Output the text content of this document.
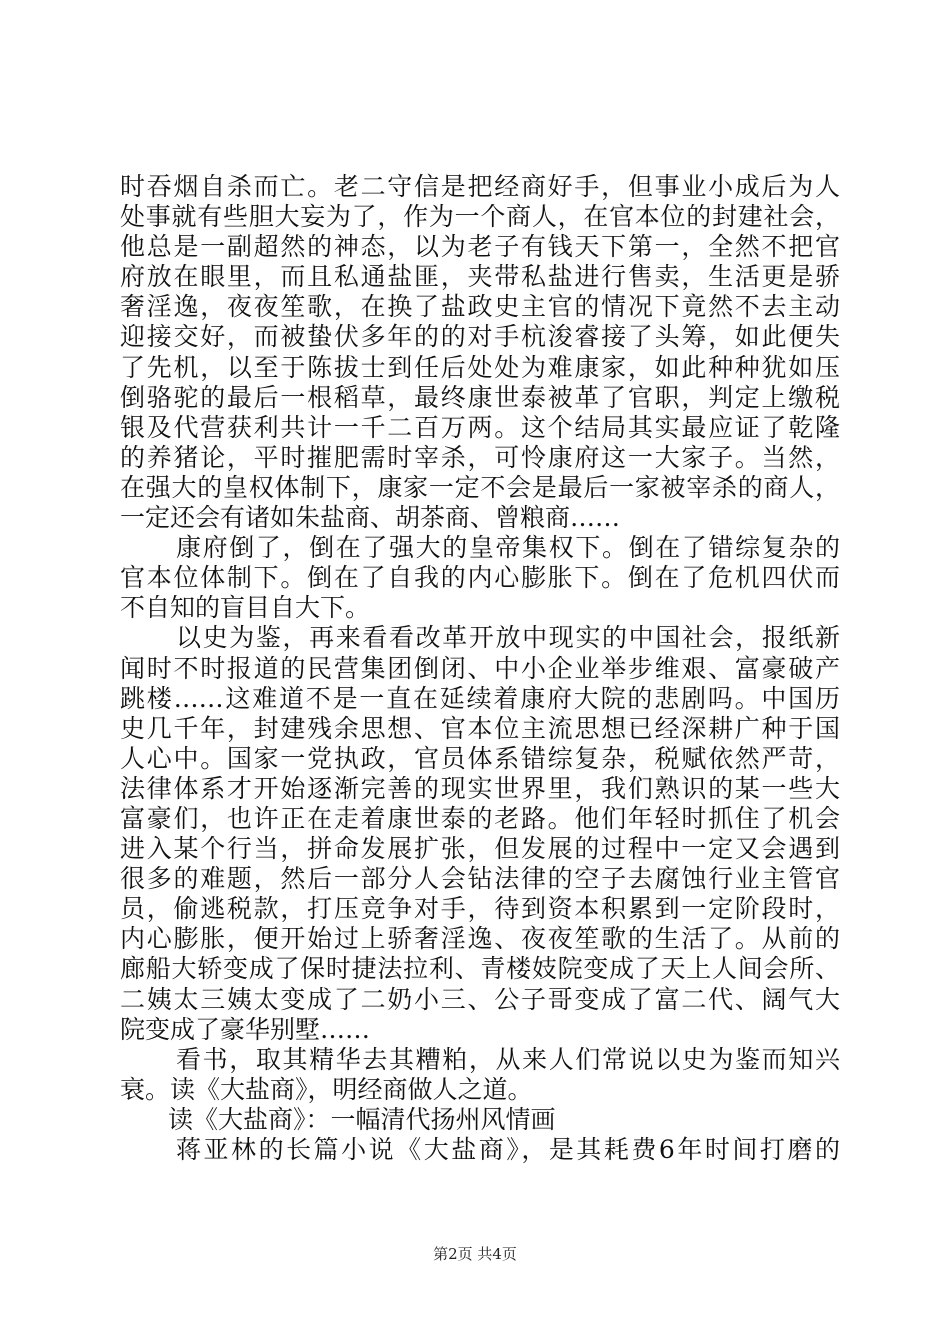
时吞烟自杀而亡。老二守信是把经商好手，但事业小成后为人
处事就有些胆大妄为了，作为一个商人，在官本位的封建社会，
他总是一副超然的神态，以为老子有钱天下第一，全然不把官
府放在眼里，而且私通盐匪，夹带私盐进行售卖，生活更是骄
奢淫逸，夜夜笙歌，在换了盐政史主官的情况下竟然不去主动
迎接交好，而被蛰伏多年的的对手杭浚睿接了头筹，如此便失
了先机，以至于陈拔士到任后处处为难康家，如此种种犹如压
倒骆驼的最后一根稻草，最终康世泰被革了官职，判定上缴税
银及代营获利共计一千二百万两。这个结局其实最应证了乾隆
的养猪论，平时摧肥需时宰杀，可怜康府这一大家子。当然，
在强大的皇权体制下，康家一定不会是最后一家被宰杀的商人，
一定还会有诸如朱盐商、胡茶商、曾粮商……
康府倒了，倒在了强大的皇帝集权下。倒在了错综复杂的
官本位体制下。倒在了自我的内心膨胀下。倒在了危机四伏而
不自知的盲目自大下。
以史为鉴，再来看看改革开放中现实的中国社会，报纸新
闻时不时报道的民营集团倒闭、中小企业举步维艰、富豪破产
跳楼……这难道不是一直在延续着康府大院的悲剧吗。中国历
史几千年，封建残余思想、官本位主流思想已经深耕广种于国
人心中。国家一党执政，官员体系错综复杂，税赋依然严苛，
法律体系才开始逐渐完善的现实世界里，我们熟识的某一些大
富豪们，也许正在走着康世泰的老路。他们年轻时抓住了机会
进入某个行当，拼命发展扩张，但发展的过程中一定又会遇到
很多的难题，然后一部分人会钻法律的空子去腐蚀行业主管官
员，偷逃税款，打压竞争对手，待到资本积累到一定阶段时，
内心膨胀，便开始过上骄奢淫逸、夜夜笙歌的生活了。从前的
廊船大轿变成了保时捷法拉利、青楼妓院变成了天上人间会所、
二姨太三姨太变成了二奶小三、公子哥变成了富二代、阔气大
院变成了豪华别墅……
看书，取其精华去其糟粕，从来人们常说以史为鉴而知兴
衰。读《大盐商》，明经商做人之道。
读《大盐商》：一幅清代扬州风情画
蒋亚林的长篇小说《大盐商》，是其耗费6年时间打磨的
第2页 共4页
